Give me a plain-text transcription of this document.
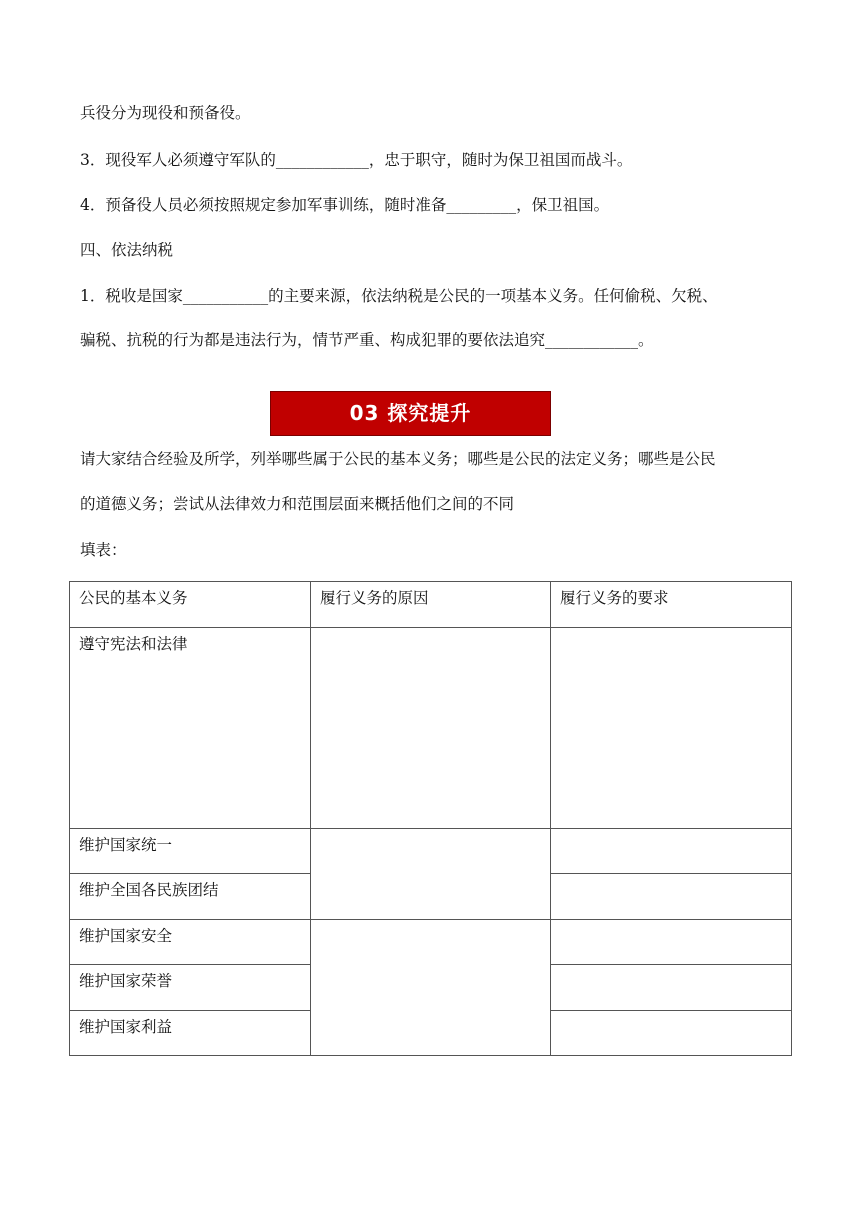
兵役分为现役和预备役。
3．现役军人必须遵守军队的____________，忠于职守，随时为保卫祖国而战斗。
4．预备役人员必须按照规定参加军事训练，随时准备_________，保卫祖国。
四、依法纳税
1．税收是国家___________的主要来源，依法纳税是公民的一项基本义务。任何偷税、欠税、
骗税、抗税的行为都是违法行为，情节严重、构成犯罪的要依法追究____________。
03 探究提升
请大家结合经验及所学，列举哪些属于公民的基本义务；哪些是公民的法定义务；哪些是公民
的道德义务；尝试从法律效力和范围层面来概括他们之间的不同
填表：
公民的基本义务	履行义务的原因	履行义务的要求
遵守宪法和法律		
维护国家统一		
维护全国各民族团结		
维护国家安全		
维护国家荣誉		
维护国家利益		
